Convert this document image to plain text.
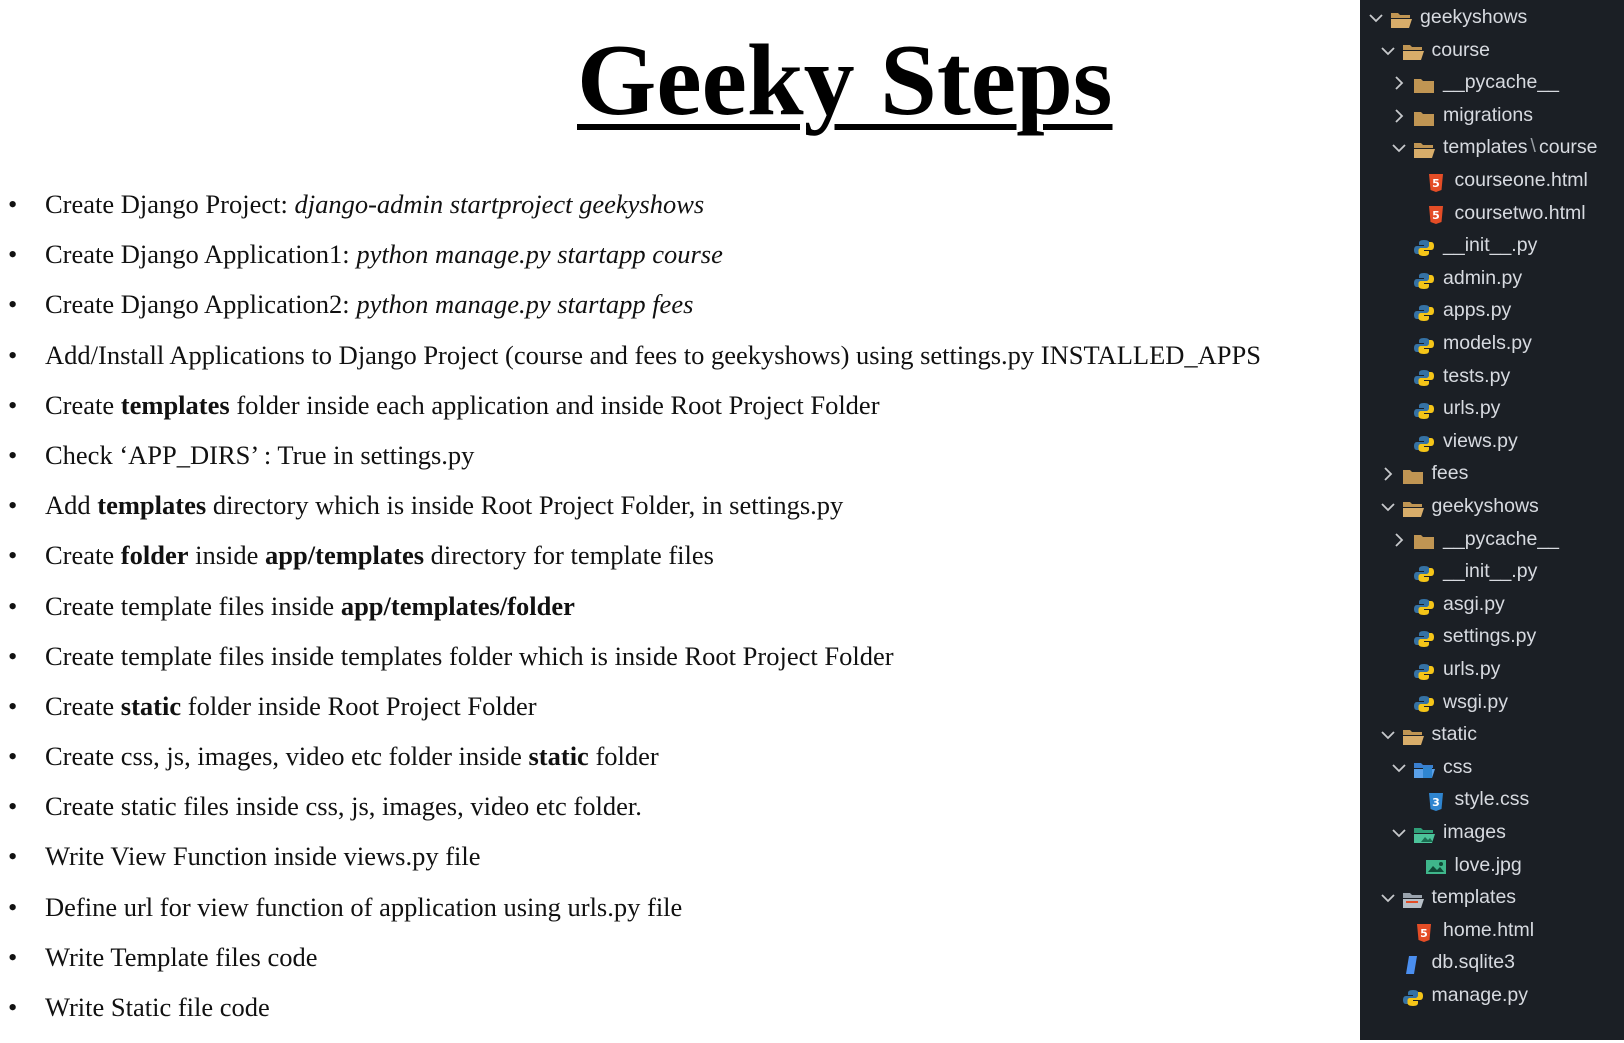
Geeky Steps
• Create Django Project: django-admin startproject geekyshows
• Create Django Application1: python manage.py startapp course
• Create Django Application2: python manage.py startapp fees
• Add/Install Applications to Django Project (course and fees to geekyshows) using settings.py INSTALLED_APPS
• Create templates folder inside each application and inside Root Project Folder
• Check ‘APP_DIRS’ : True in settings.py
• Add templates directory which is inside Root Project Folder, in settings.py
• Create folder inside app/templates directory for template files
• Create template files inside app/templates/folder
• Create template files inside templates folder which is inside Root Project Folder
• Create static folder inside Root Project Folder
• Create css, js, images, video etc folder inside static folder
• Create static files inside css, js, images, video etc folder.
• Write View Function inside views.py file
• Define url for view function of application using urls.py file
• Write Template files code
• Write Static file code
geekyshows
course
__pycache__
migrations
templates \ course
5 courseone.html
5 coursetwo.html
__init__.py
admin.py
apps.py
models.py
tests.py
urls.py
views.py
fees
geekyshows
__pycache__
__init__.py
asgi.py
settings.py
urls.py
wsgi.py
static
css
3 style.css
images
love.jpg
templates
5 home.html
db.sqlite3
manage.py
